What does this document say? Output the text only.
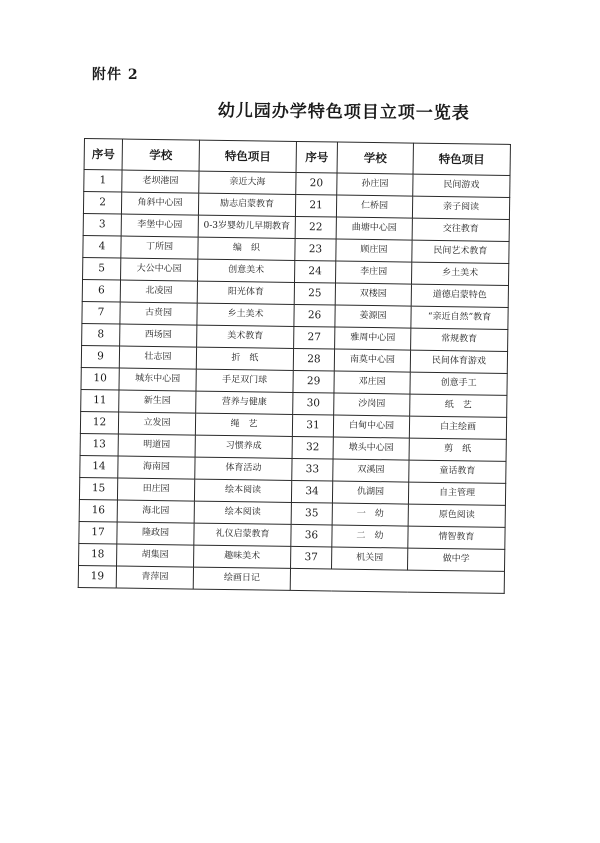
附件 2
幼儿园办学特色项目立项一览表
序号	学校	特色项目	序号	学校	特色项目
1	老坝港园	亲近大海	20	孙庄园	民间游戏
2	角斜中心园	励志启蒙教育	21	仁桥园	亲子阅读
3	李堡中心园	0-3岁婴幼儿早期教育	22	曲塘中心园	交往教育
4	丁所园	编　织	23	顾庄园	民间艺术教育
5	大公中心园	创意美术	24	李庄园	乡土美术
6	北凌园	阳光体育	25	双楼园	道德启蒙特色
7	古贲园	乡土美术	26	姜源园	“亲近自然”教育
8	西场园	美术教育	27	雅周中心园	常规教育
9	壮志园	折　纸	28	南莫中心园	民间体育游戏
10	城东中心园	手足双门球	29	邓庄园	创意手工
11	新生园	营养与健康	30	沙岗园	纸　艺
12	立发园	绳　艺	31	白甸中心园	白主绘画
13	明道园	习惯养成	32	墩头中心园	剪　纸
14	海南园	体育活动	33	双溪园	童话教育
15	田庄园	绘本阅读	34	仇湖园	自主管理
16	海北园	绘本阅读	35	一　幼	原色阅读
17	隆政园	礼仪启蒙教育	36	二　幼	情智教育
18	胡集园	趣味美术	37	机关园	做中学
19	青萍园	绘画日记			
